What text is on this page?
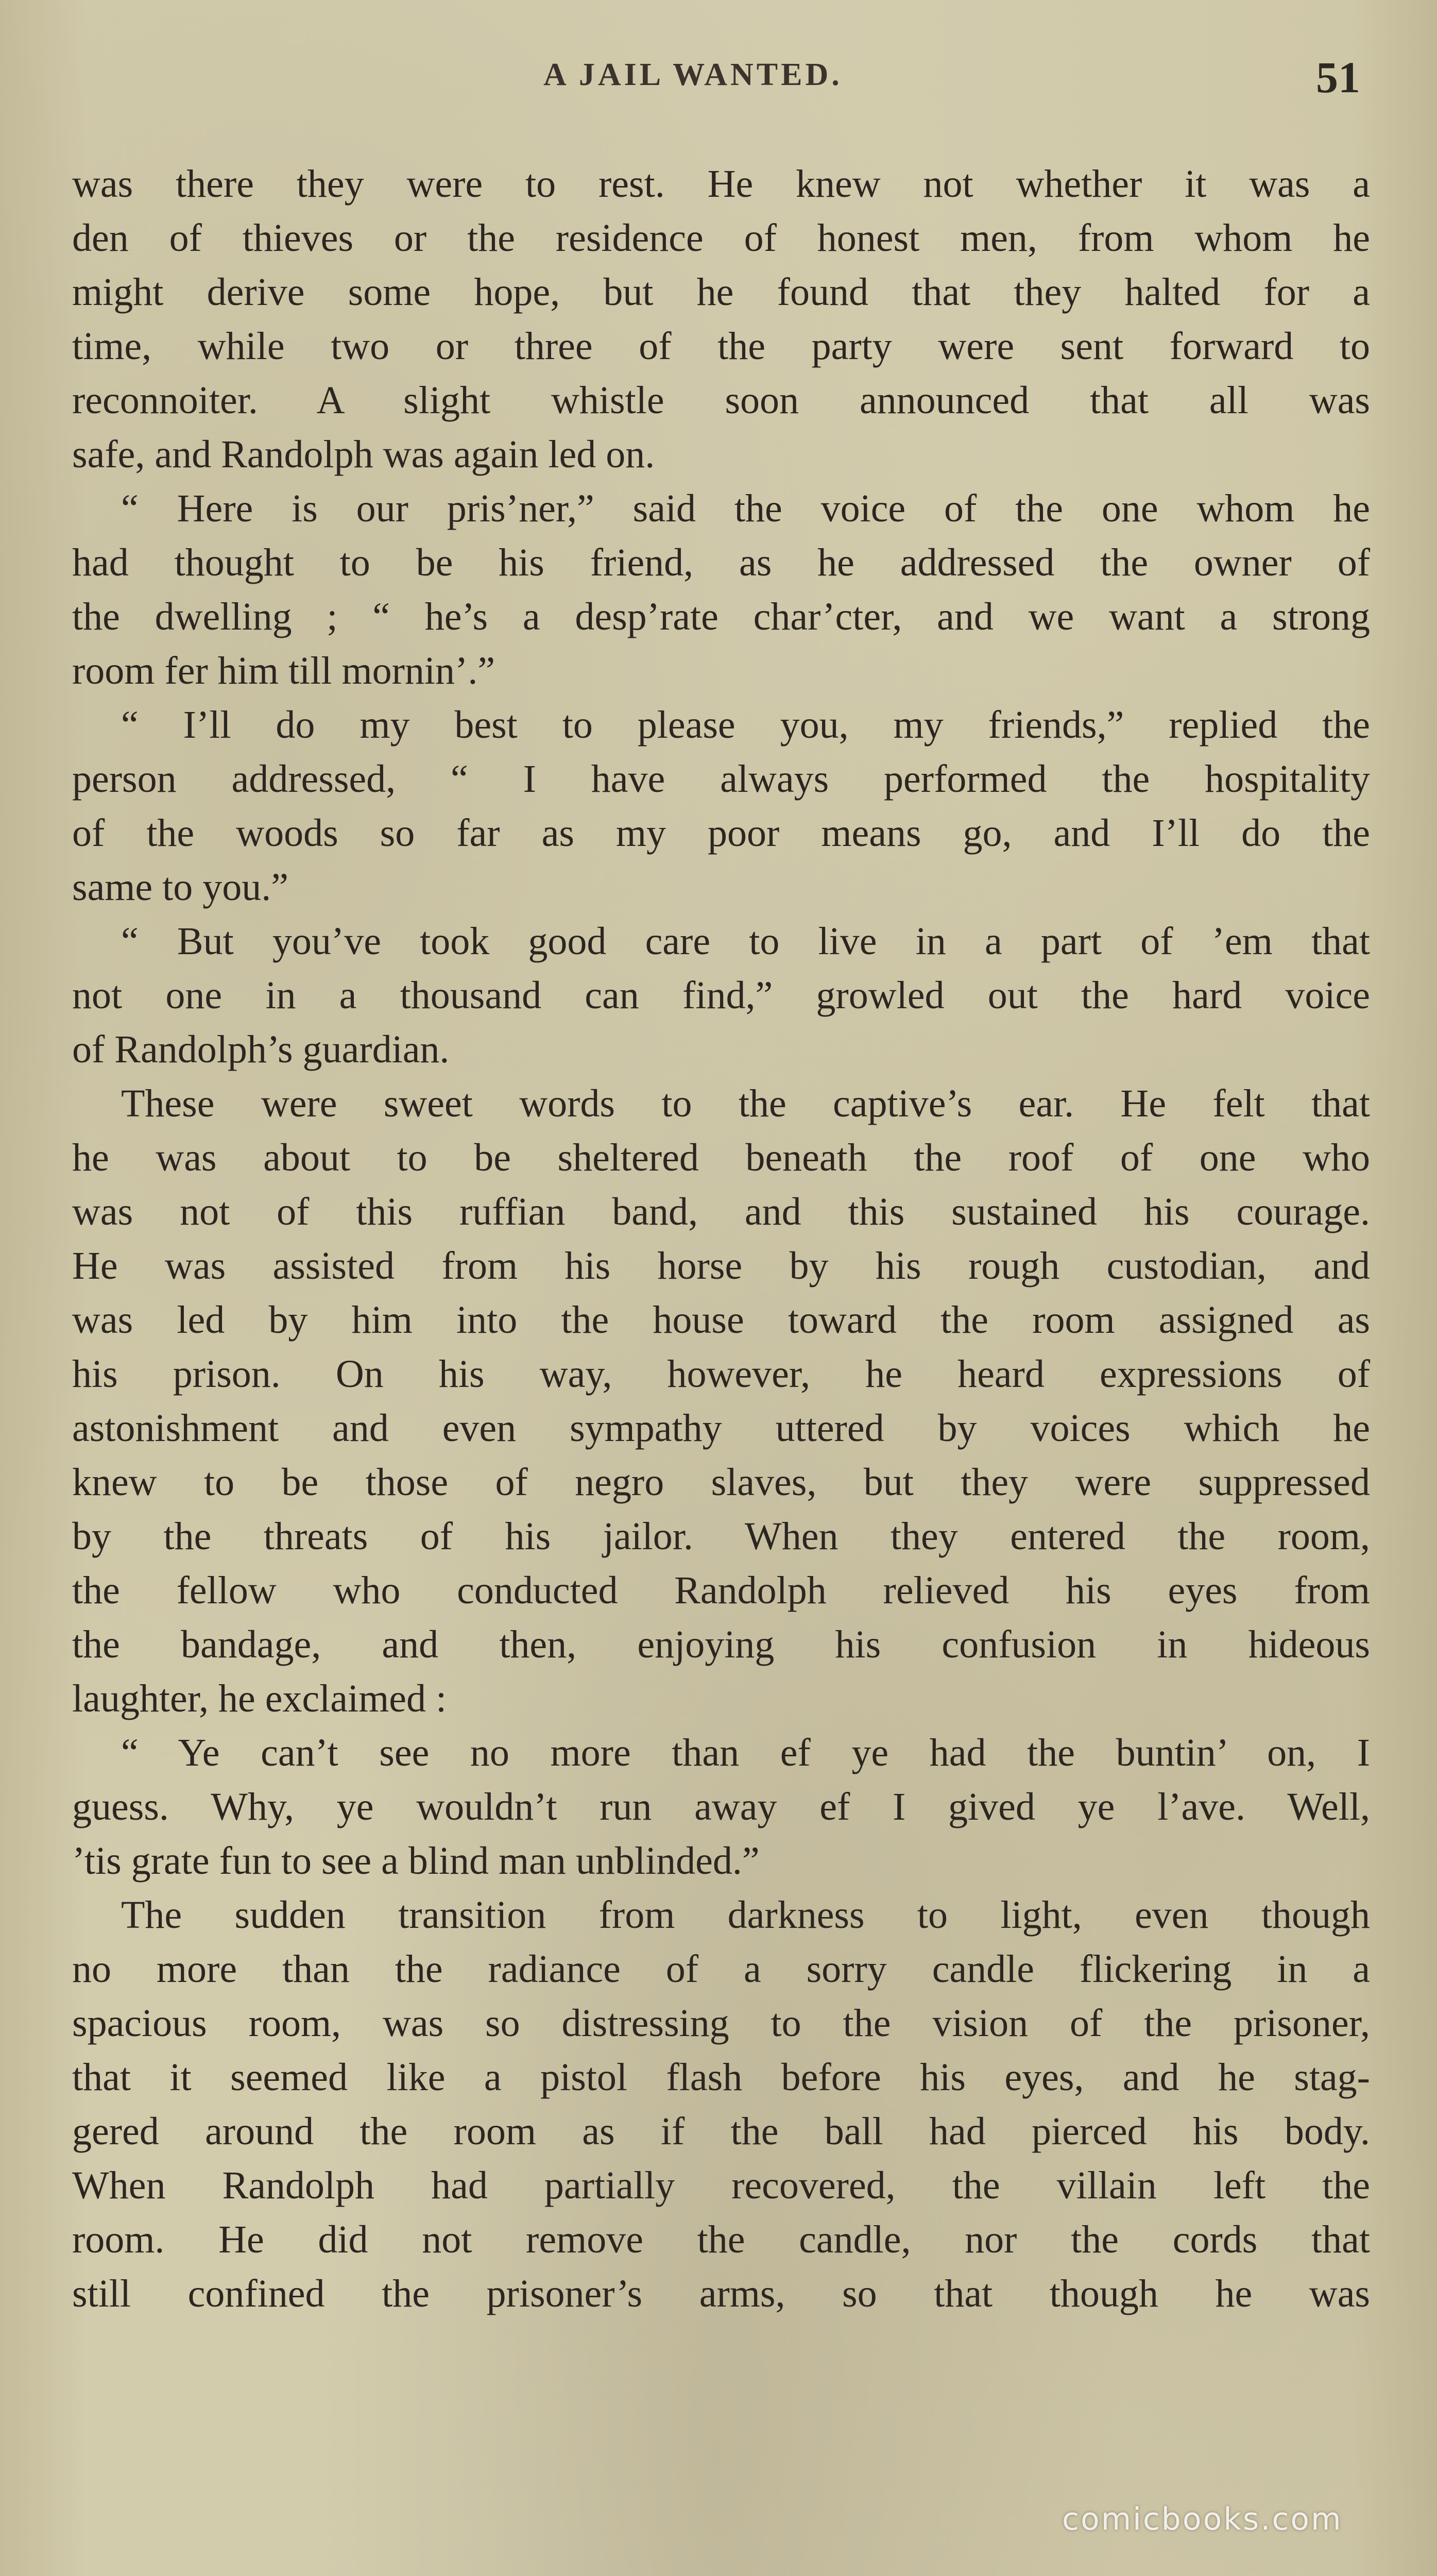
A JAIL WANTED.	51
was there they were to rest. He knew not whether it was a
den of thieves or the residence of honest men, from whom he
might derive some hope, but he found that they halted for a
time, while two or three of the party were sent forward to
reconnoiter. A slight whistle soon announced that all was
safe, and Randolph was again led on.
“ Here is our pris’ner,” said the voice of the one whom he
had thought to be his friend, as he addressed the owner of
the dwelling ; “ he’s a desp’rate char’cter, and we want a strong
room fer him till mornin’.”
“ I’ll do my best to please you, my friends,” replied the
person addressed, “ I have always performed the hospitality
of the woods so far as my poor means go, and I’ll do the
same to you.”
“ But you’ve took good care to live in a part of ’em that
not one in a thousand can find,” growled out the hard voice
of Randolph’s guardian.
These were sweet words to the captive’s ear. He felt that
he was about to be sheltered beneath the roof of one who
was not of this ruffian band, and this sustained his courage.
He was assisted from his horse by his rough custodian, and
was led by him into the house toward the room assigned as
his prison. On his way, however, he heard expressions of
astonishment and even sympathy uttered by voices which he
knew to be those of negro slaves, but they were suppressed
by the threats of his jailor. When they entered the room,
the fellow who conducted Randolph relieved his eyes from
the bandage, and then, enjoying his confusion in hideous
laughter, he exclaimed :
“ Ye can’t see no more than ef ye had the buntin’ on, I
guess. Why, ye wouldn’t run away ef I gived ye l’ave. Well,
’tis grate fun to see a blind man unblinded.”
The sudden transition from darkness to light, even though
no more than the radiance of a sorry candle flickering in a
spacious room, was so distressing to the vision of the prisoner,
that it seemed like a pistol flash before his eyes, and he stag-
gered around the room as if the ball had pierced his body.
When Randolph had partially recovered, the villain left the
room. He did not remove the candle, nor the cords that
still confined the prisoner’s arms, so that though he was
comicbooks.com
